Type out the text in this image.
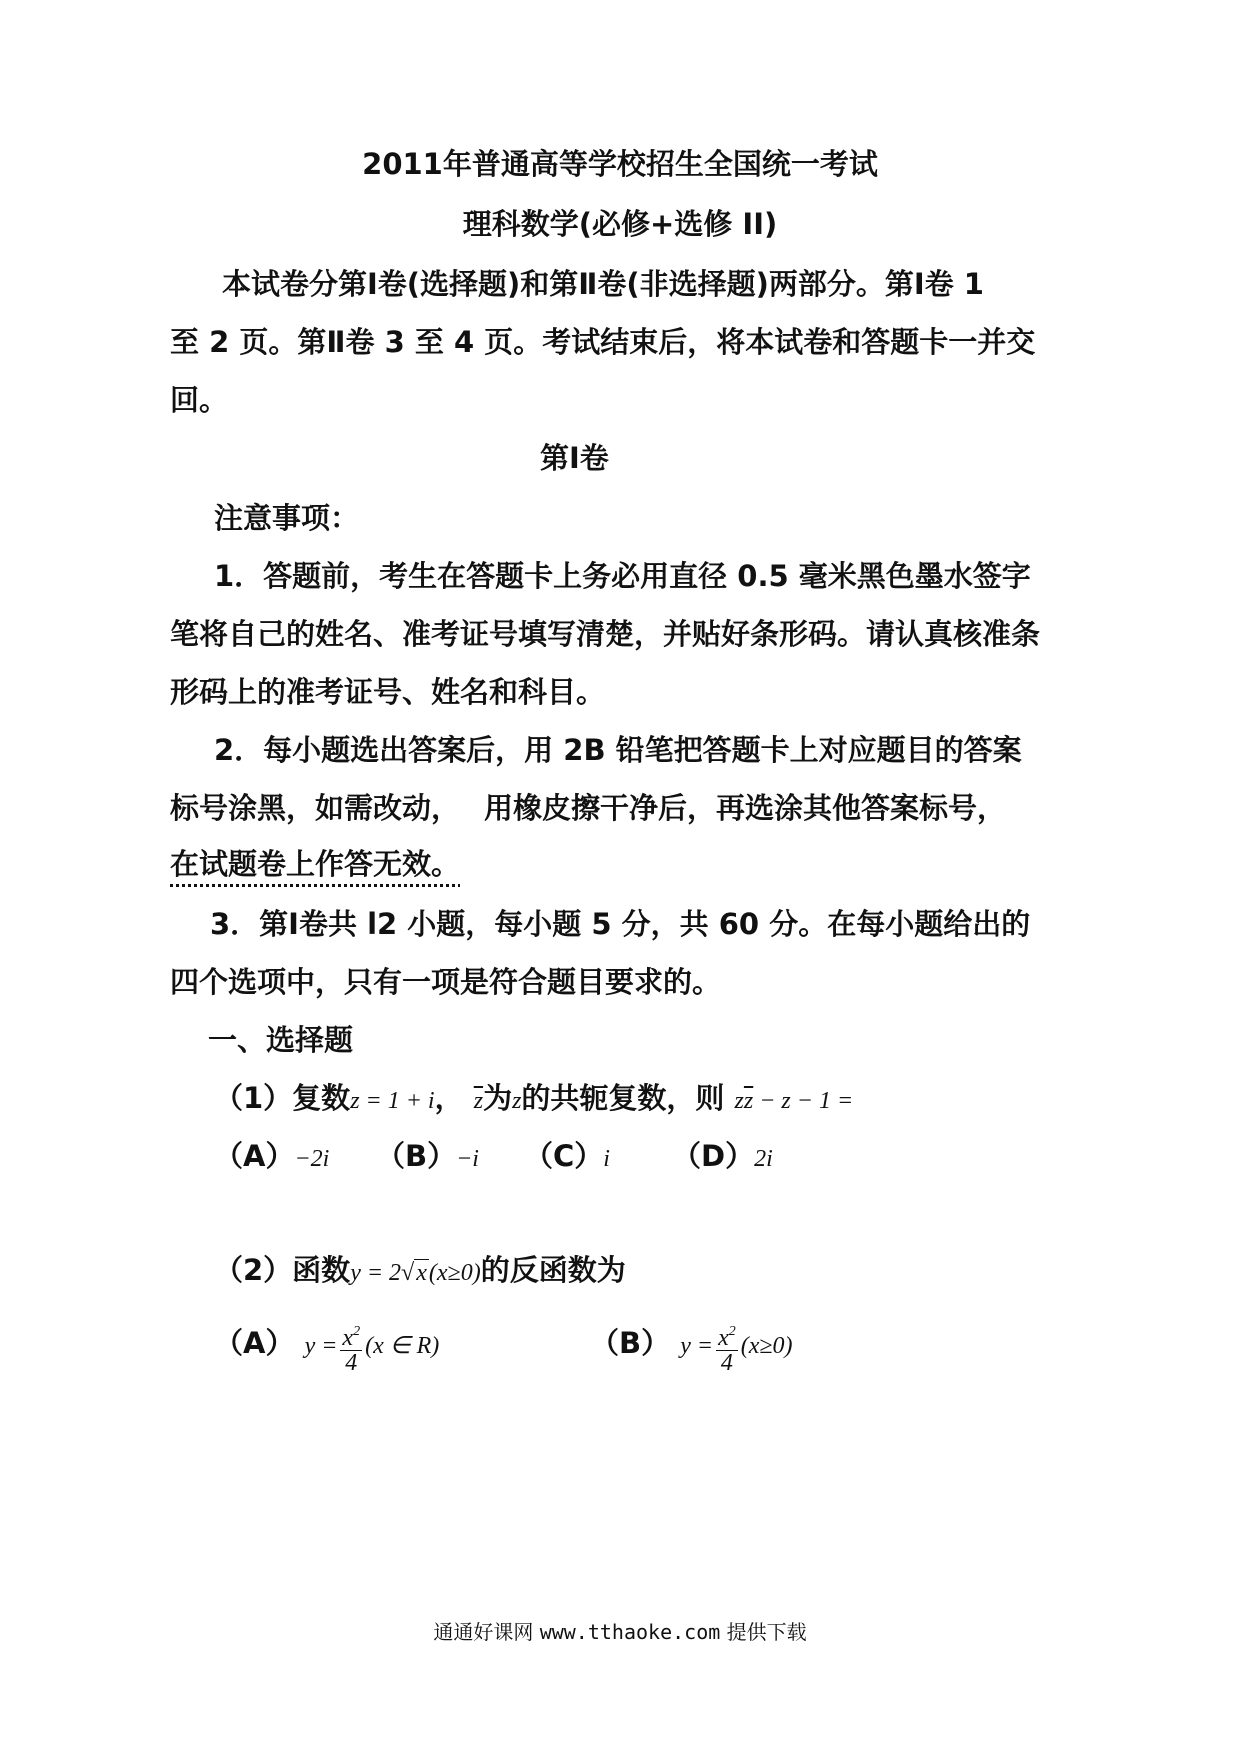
2011年普通高等学校招生全国统一考试
理科数学(必修+选修 II)
本试卷分第Ⅰ卷(选择题)和第Ⅱ卷(非选择题)两部分。第Ⅰ卷 1
至 2 页。第Ⅱ卷 3 至 4 页。考试结束后，将本试卷和答题卡一并交
回。
第Ⅰ卷
注意事项：
1．答题前，考生在答题卡上务必用直径 0.5 毫米黑色墨水签字
笔将自己的姓名、准考证号填写清楚，并贴好条形码。请认真核准条
形码上的准考证号、姓名和科目。
2．每小题选出答案后，用 2B 铅笔把答题卡上对应题目的答案
标号涂黑，如需改动， 用橡皮擦干净后，再选涂其他答案标号，
在试题卷上作答无效。
3．第Ⅰ卷共 l2 小题，每小题 5 分，共 60 分。在每小题给出的
四个选项中，只有一项是符合题目要求的。
一、选择题
（1）复数z = 1 + i， $\overline{z}$为z的共轭复数，则 $z\overline{z} - z - 1$ =
（A）−2i （B）−i （C）i （D）2i
（2）函数y = 2√x(x≥0)的反函数为
（A） $y = \frac{x^2}{4} (x$ ∈ R)	（B） $y = \frac{x^2}{4} (x\ge 0)$
通通好课网 www.tthaoke.com 提供下载
